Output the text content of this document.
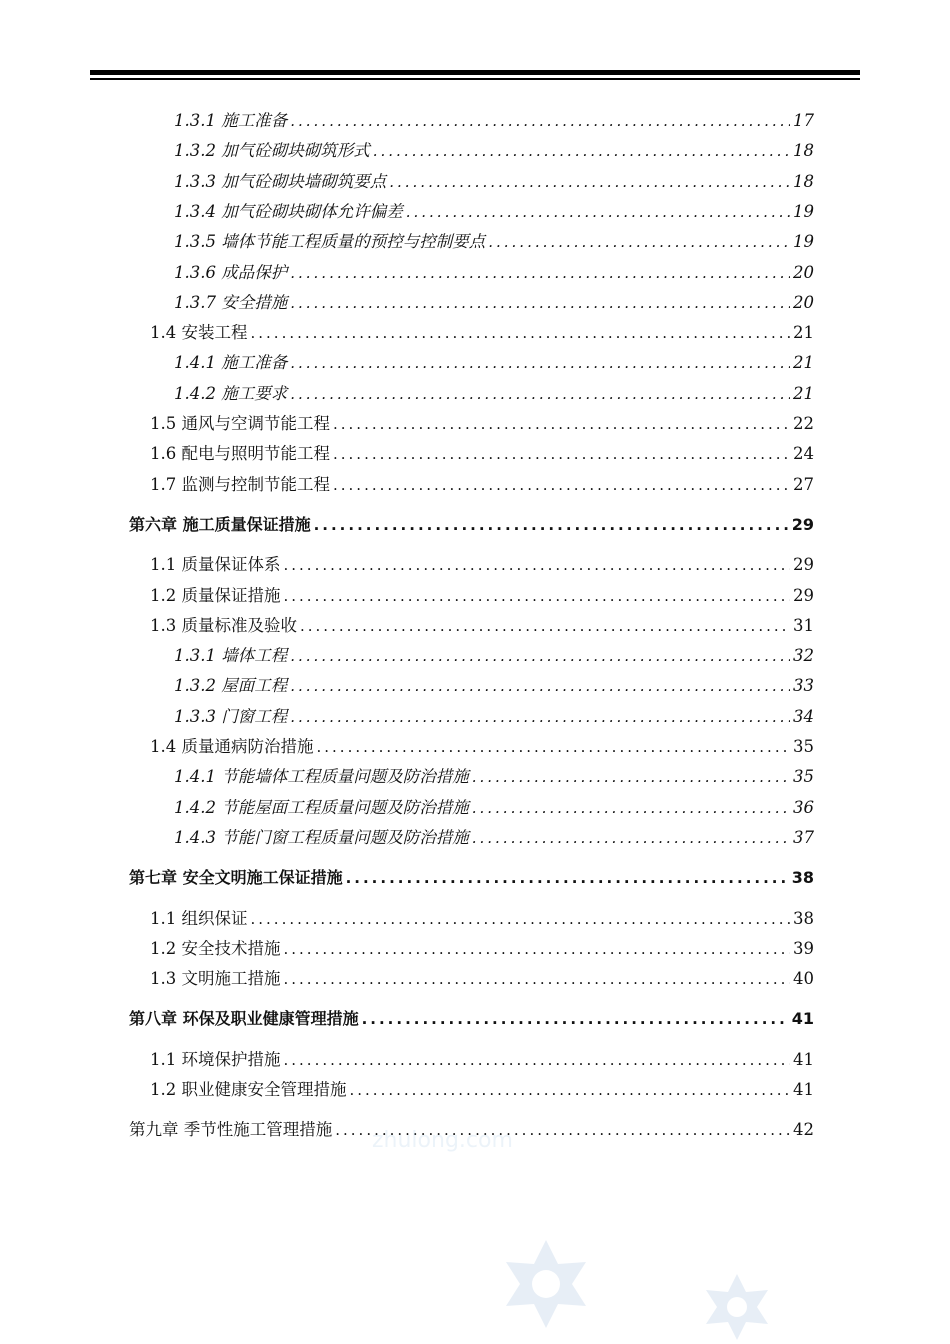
1.3.1 施工准备 .....	17
1.3.2 加气砼砌块砌筑形式 .....	18
1.3.3 加气砼砌块墙砌筑要点 .....	18
1.3.4 加气砼砌块砌体允许偏差 .....	19
1.3.5 墙体节能工程质量的预控与控制要点 .....	19
1.3.6 成品保护 .....	20
1.3.7 安全措施 .....	20
1.4 安装工程 .....	21
1.4.1 施工准备 .....	21
1.4.2 施工要求 .....	21
1.5 通风与空调节能工程 .....	22
1.6 配电与照明节能工程 .....	24
1.7 监测与控制节能工程 .....	27
第六章 施工质量保证措施 .....	29
1.1 质量保证体系 .....	29
1.2 质量保证措施 .....	29
1.3 质量标准及验收 .....	31
1.3.1 墙体工程 .....	32
1.3.2 屋面工程 .....	33
1.3.3 门窗工程 .....	34
1.4 质量通病防治措施 .....	35
1.4.1 节能墙体工程质量问题及防治措施 .....	35
1.4.2 节能屋面工程质量问题及防治措施 .....	36
1.4.3 节能门窗工程质量问题及防治措施 .....	37
第七章 安全文明施工保证措施 .....	38
1.1 组织保证 .....	38
1.2 安全技术措施 .....	39
1.3 文明施工措施 .....	40
第八章 环保及职业健康管理措施 .....	41
1.1 环境保护措施 .....	41
1.2 职业健康安全管理措施 .....	41
第九章 季节性施工管理措施 .....	42
zhulong.com
